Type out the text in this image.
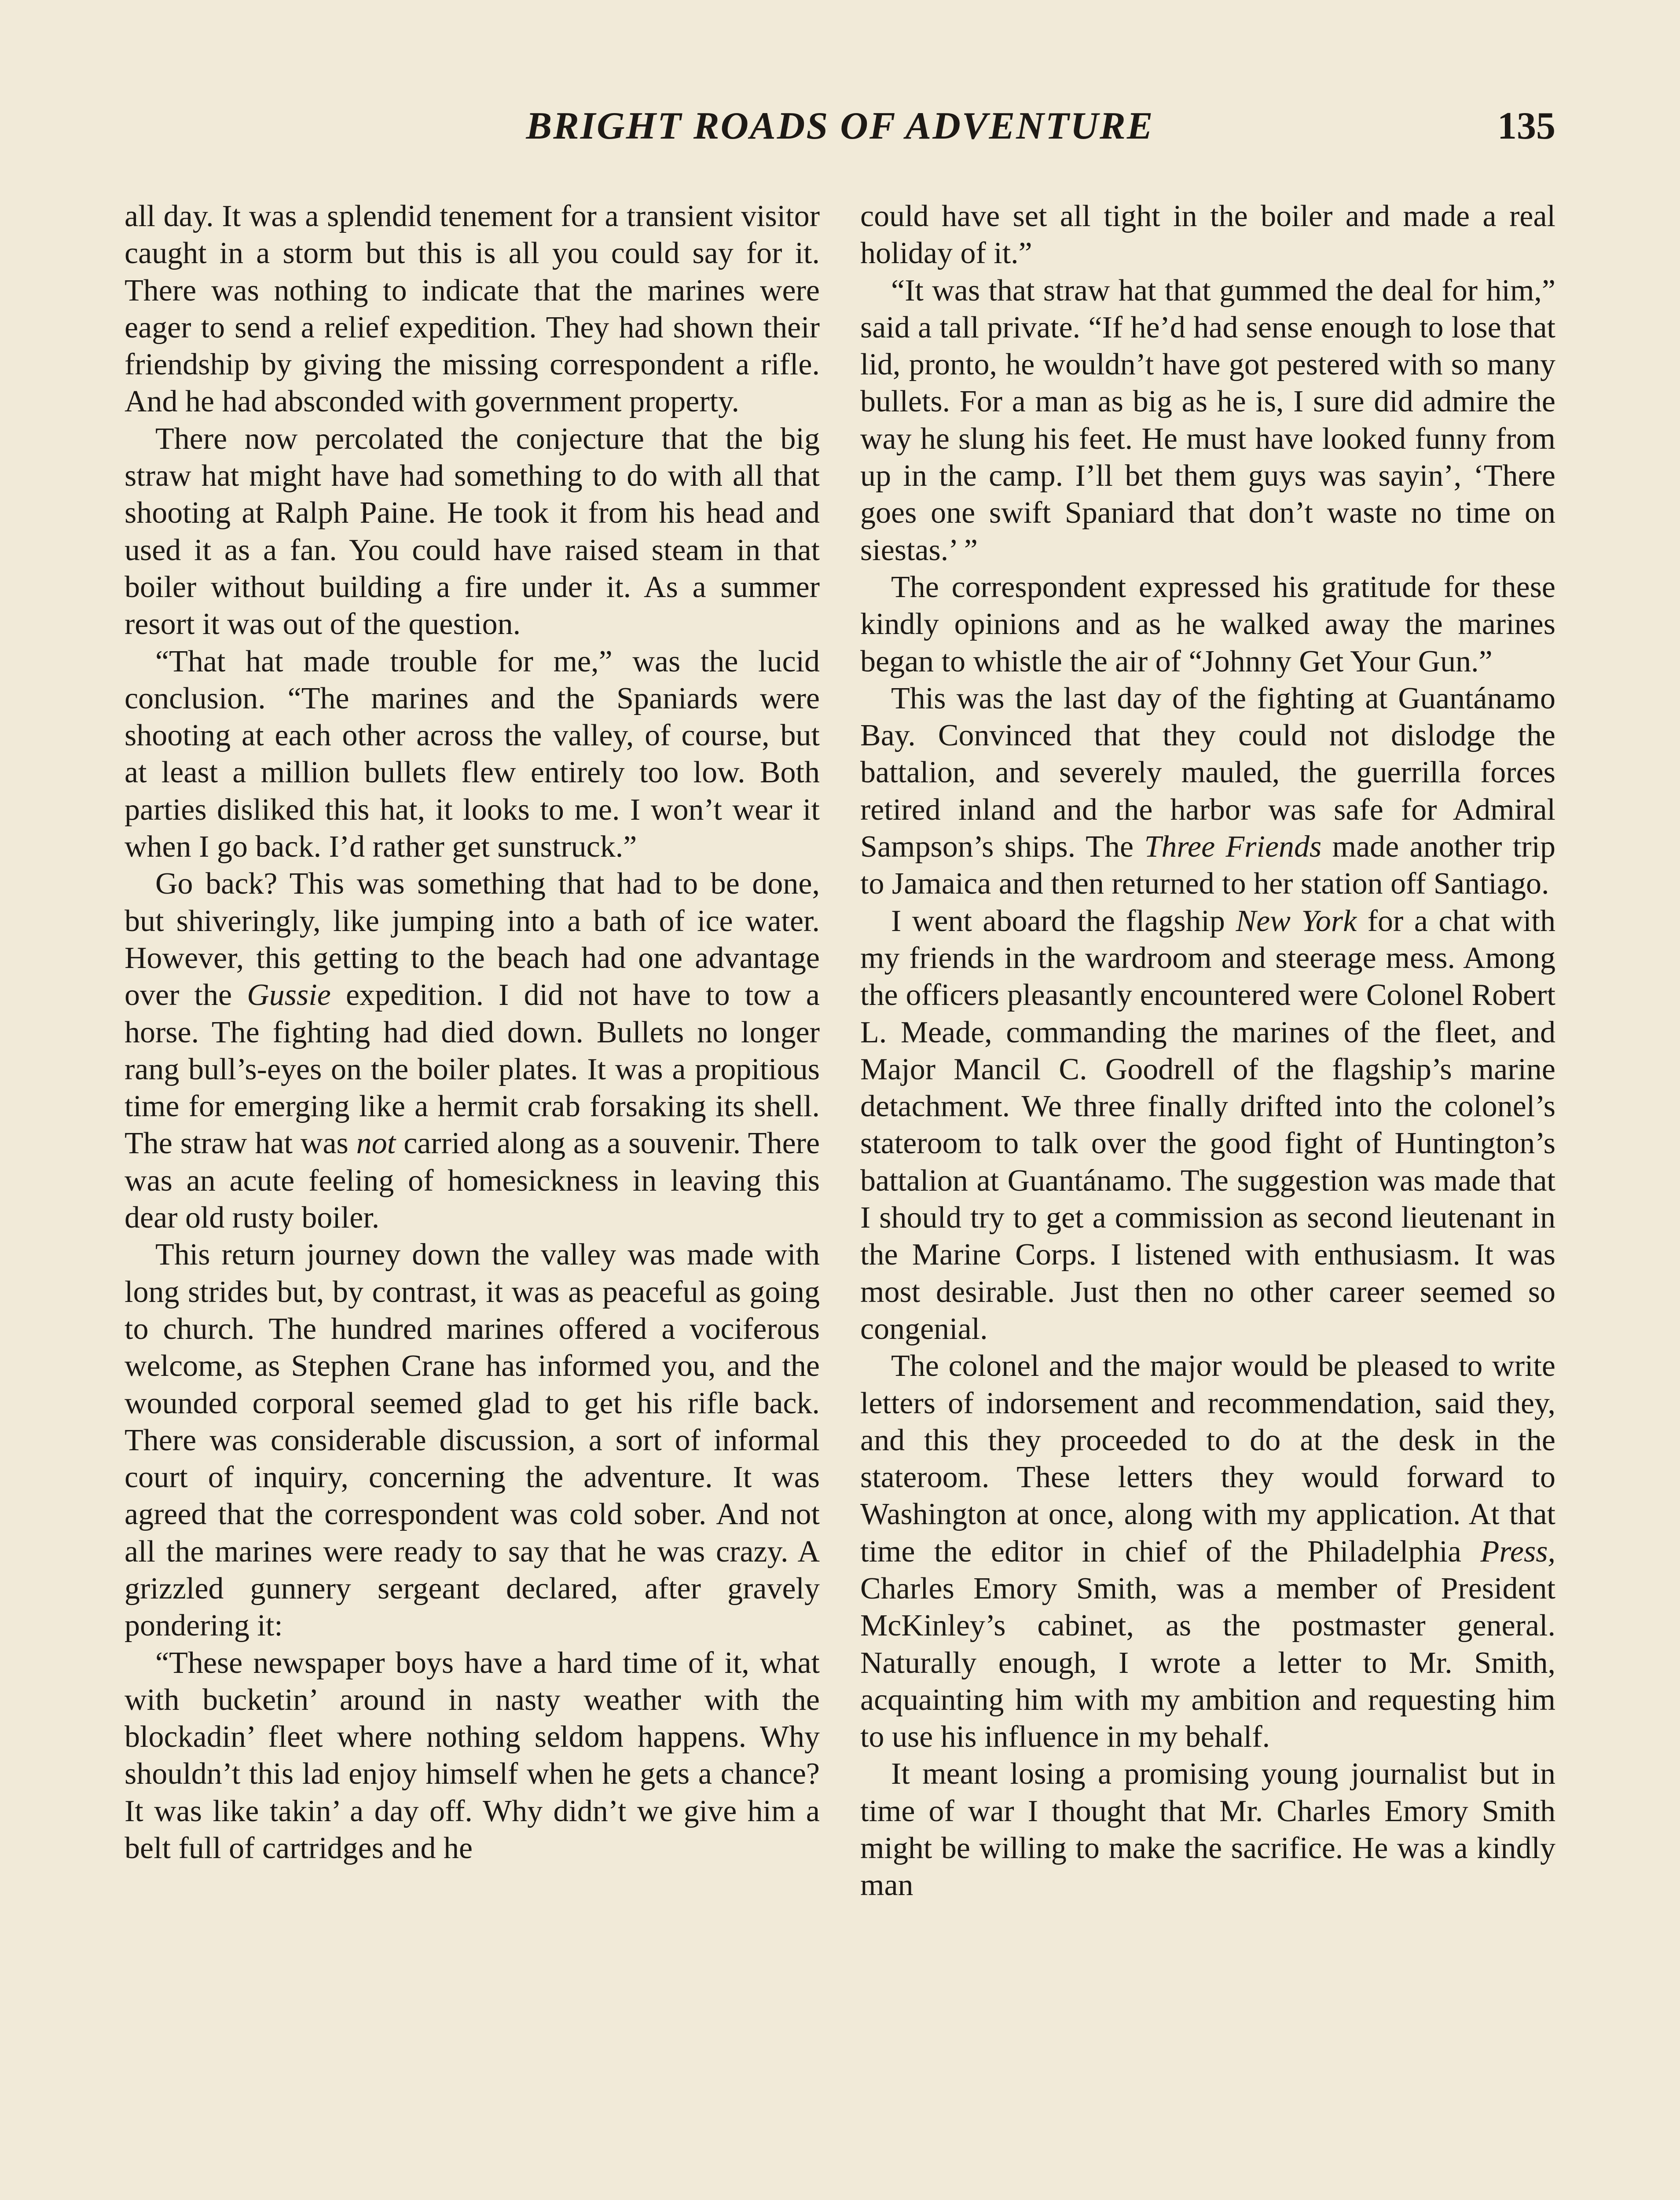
BRIGHT ROADS OF ADVENTURE	135

all day. It was a splendid tenement for a transient visitor caught in a storm but this is all you could say for it. There was nothing to indicate that the marines were eager to send a relief expedition. They had shown their friendship by giving the missing correspondent a rifle. And he had absconded with government property.

There now percolated the conjecture that the big straw hat might have had something to do with all that shooting at Ralph Paine. He took it from his head and used it as a fan. You could have raised steam in that boiler without building a fire under it. As a summer resort it was out of the question.

“That hat made trouble for me,” was the lucid conclusion. “The marines and the Spaniards were shooting at each other across the valley, of course, but at least a million bullets flew entirely too low. Both parties disliked this hat, it looks to me. I won’t wear it when I go back. I’d rather get sunstruck.”

Go back? This was something that had to be done, but shiveringly, like jumping into a bath of ice water. However, this getting to the beach had one advantage over the Gussie expedition. I did not have to tow a horse. The fighting had died down. Bullets no longer rang bull’s-eyes on the boiler plates. It was a propitious time for emerging like a hermit crab forsaking its shell. The straw hat was not carried along as a souvenir. There was an acute feeling of homesickness in leaving this dear old rusty boiler.

This return journey down the valley was made with long strides but, by contrast, it was as peaceful as going to church. The hundred marines offered a vociferous welcome, as Stephen Crane has informed you, and the wounded corporal seemed glad to get his rifle back. There was considerable discussion, a sort of informal court of inquiry, concerning the adventure. It was agreed that the correspondent was cold sober. And not all the marines were ready to say that he was crazy. A grizzled gunnery sergeant declared, after gravely pondering it:

“These newspaper boys have a hard time of it, what with bucketin’ around in nasty weather with the blockadin’ fleet where nothing seldom happens. Why shouldn’t this lad enjoy himself when he gets a chance? It was like takin’ a day off. Why didn’t we give him a belt full of cartridges and he

could have set all tight in the boiler and made a real holiday of it.”

“It was that straw hat that gummed the deal for him,” said a tall private. “If he’d had sense enough to lose that lid, pronto, he wouldn’t have got pestered with so many bullets. For a man as big as he is, I sure did admire the way he slung his feet. He must have looked funny from up in the camp. I’ll bet them guys was sayin’, ‘There goes one swift Spaniard that don’t waste no time on siestas.’ ”

The correspondent expressed his gratitude for these kindly opinions and as he walked away the marines began to whistle the air of “Johnny Get Your Gun.”

This was the last day of the fighting at Guantánamo Bay. Convinced that they could not dislodge the battalion, and severely mauled, the guerrilla forces retired inland and the harbor was safe for Admiral Sampson’s ships. The Three Friends made another trip to Jamaica and then returned to her station off Santiago.

I went aboard the flagship New York for a chat with my friends in the wardroom and steerage mess. Among the officers pleasantly encountered were Colonel Robert L. Meade, commanding the marines of the fleet, and Major Mancil C. Goodrell of the flagship’s marine detachment. We three finally drifted into the colonel’s stateroom to talk over the good fight of Huntington’s battalion at Guantánamo. The suggestion was made that I should try to get a commission as second lieutenant in the Marine Corps. I listened with enthusiasm. It was most desirable. Just then no other career seemed so congenial.

The colonel and the major would be pleased to write letters of indorsement and recommendation, said they, and this they proceeded to do at the desk in the stateroom. These letters they would forward to Washington at once, along with my application. At that time the editor in chief of the Philadelphia Press, Charles Emory Smith, was a member of President McKinley’s cabinet, as the postmaster general. Naturally enough, I wrote a letter to Mr. Smith, acquainting him with my ambition and requesting him to use his influence in my behalf.

It meant losing a promising young journalist but in time of war I thought that Mr. Charles Emory Smith might be willing to make the sacrifice. He was a kindly man
